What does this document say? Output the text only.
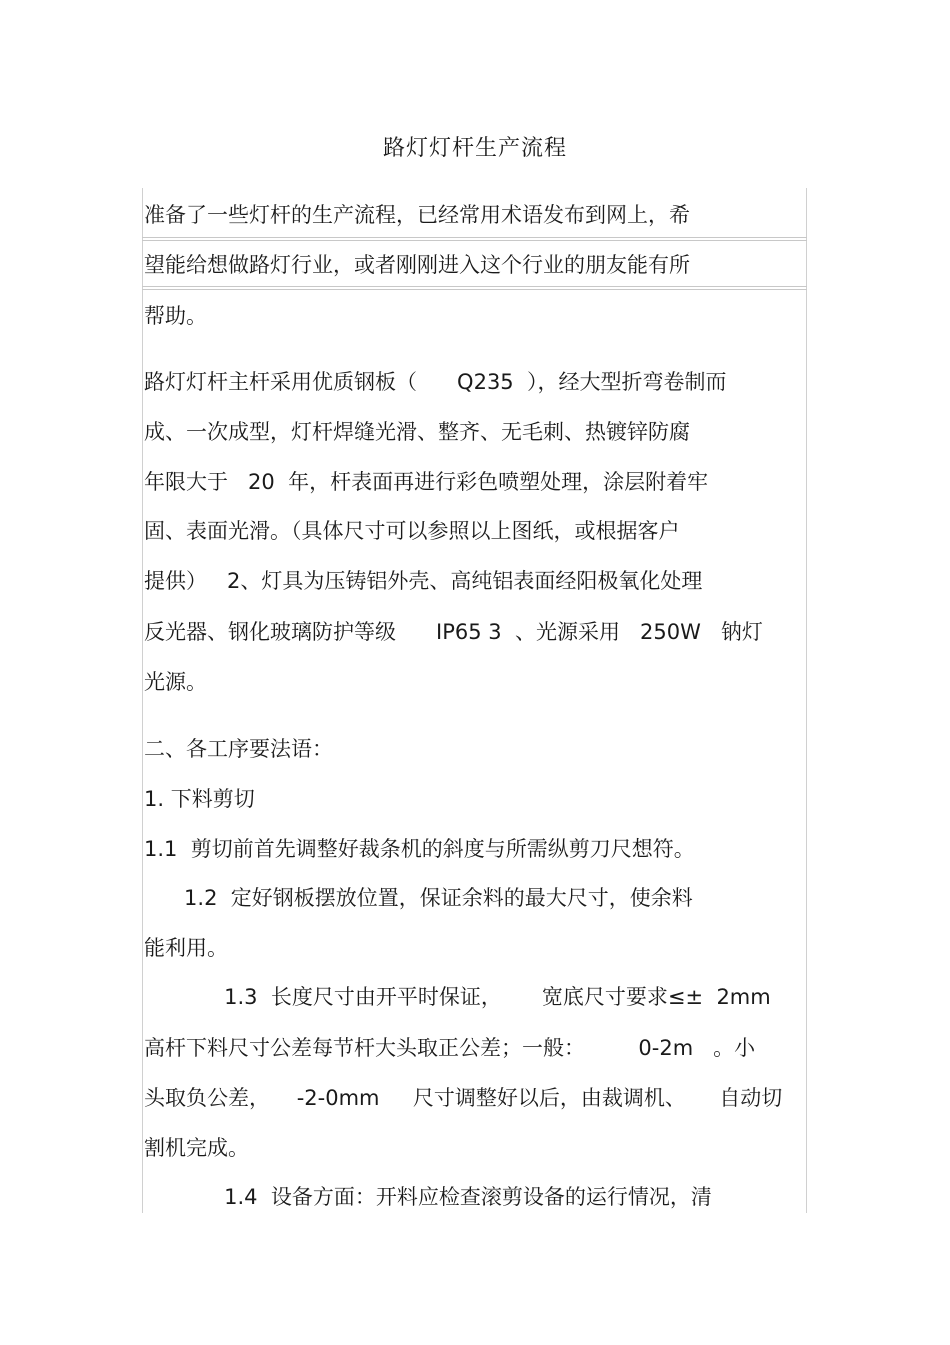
路灯灯杆生产流程
准备了一些灯杆的生产流程，已经常用术语发布到网上，希
望能给想做路灯行业，或者刚刚进入这个行业的朋友能有所
帮助。
路灯灯杆主杆采用优质钢板（      Q235  ），经大型折弯卷制而
成、一次成型，灯杆焊缝光滑、整齐、无毛刺、热镀锌防腐
年限大于   20  年，杆表面再进行彩色喷塑处理，涂层附着牢
固、表面光滑。（具体尺寸可以参照以上图纸，或根据客户
提供）   2、灯具为压铸铝外壳、高纯铝表面经阳极氧化处理
反光器、钢化玻璃防护等级      IP65 3  、光源采用   250W   钠灯
光源。
二、各工序要法语：
1. 下料剪切
1.1  剪切前首先调整好裁条机的斜度与所需纵剪刀尺想符。
1.2  定好钢板摆放位置，保证余料的最大尺寸，使余料
能利用。
1.3  长度尺寸由开平时保证，      宽底尺寸要求≤±  2mm
高杆下料尺寸公差每节杆大头取正公差；一般：        0-2m   。小
头取负公差，    -2-0mm     尺寸调整好以后，由裁调机、     自动切
割机完成。
1.4  设备方面：开料应检查滚剪设备的运行情况，清
